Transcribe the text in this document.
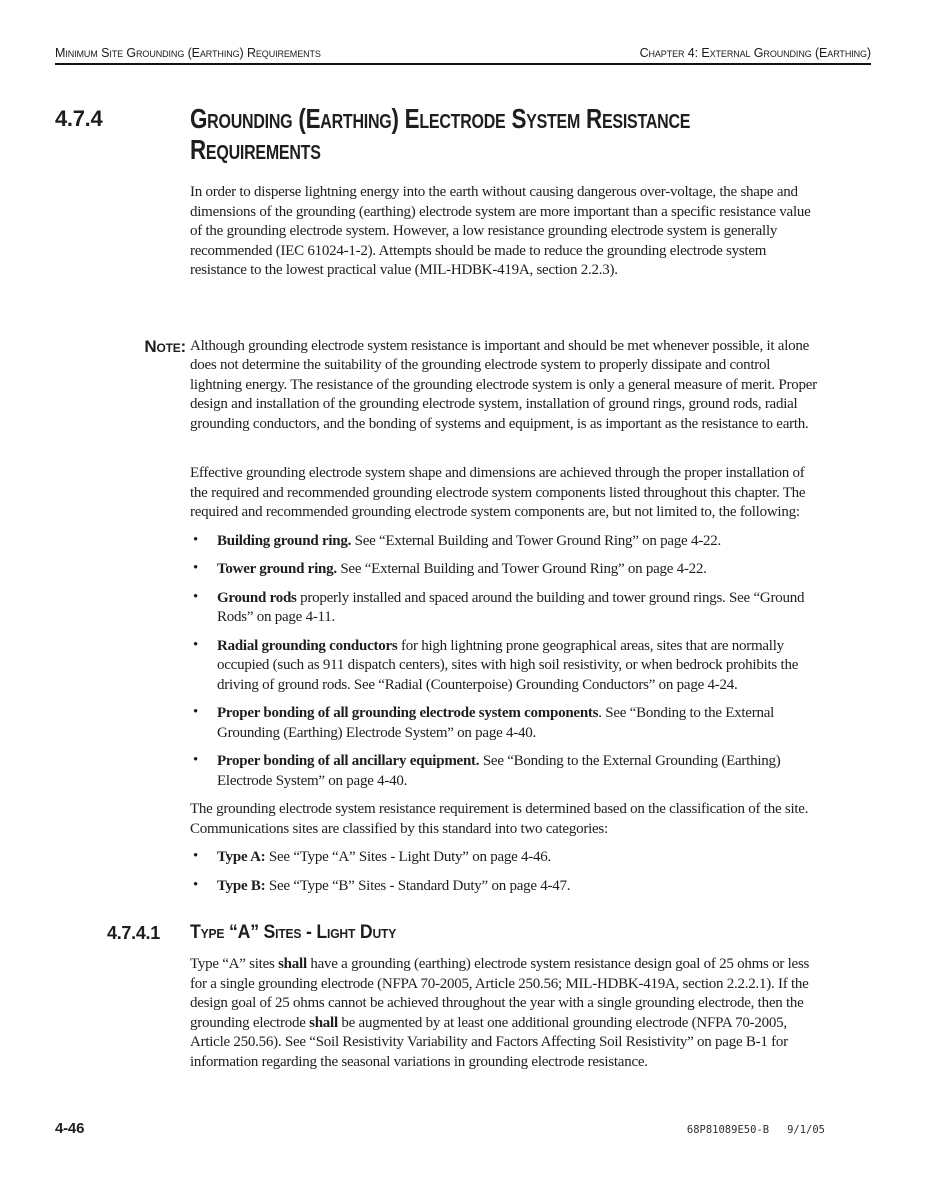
Minimum Site Grounding (Earthing) Requirements	Chapter 4: External Grounding (Earthing)
4.7.4	Grounding (Earthing) Electrode System Resistance Requirements

In order to disperse lightning energy into the earth without causing dangerous over-voltage, the shape and dimensions of the grounding (earthing) electrode system are more important than a specific resistance value of the grounding electrode system. However, a low resistance grounding electrode system is generally recommended (IEC 61024-1-2). Attempts should be made to reduce the grounding electrode system resistance to the lowest practical value (MIL-HDBK-419A, section 2.2.3).

Note: Although grounding electrode system resistance is important and should be met whenever possible, it alone does not determine the suitability of the grounding electrode system to properly dissipate and control lightning energy. The resistance of the grounding electrode system is only a general measure of merit. Proper design and installation of the grounding electrode system, installation of ground rings, ground rods, radial grounding conductors, and the bonding of systems and equipment, is as important as the resistance to earth.

Effective grounding electrode system shape and dimensions are achieved through the proper installation of the required and recommended grounding electrode system components listed throughout this chapter. The required and recommended grounding electrode system components are, but not limited to, the following:

• Building ground ring. See “External Building and Tower Ground Ring” on page 4-22.
• Tower ground ring. See “External Building and Tower Ground Ring” on page 4-22.
• Ground rods properly installed and spaced around the building and tower ground rings. See “Ground Rods” on page 4-11.
• Radial grounding conductors for high lightning prone geographical areas, sites that are normally occupied (such as 911 dispatch centers), sites with high soil resistivity, or when bedrock prohibits the driving of ground rods. See “Radial (Counterpoise) Grounding Conductors” on page 4-24.
• Proper bonding of all grounding electrode system components. See “Bonding to the External Grounding (Earthing) Electrode System” on page 4-40.
• Proper bonding of all ancillary equipment. See “Bonding to the External Grounding (Earthing) Electrode System” on page 4-40.

The grounding electrode system resistance requirement is determined based on the classification of the site. Communications sites are classified by this standard into two categories:

• Type A: See “Type “A” Sites - Light Duty” on page 4-46.
• Type B: See “Type “B” Sites - Standard Duty” on page 4-47.
4.7.4.1 Type “A” Sites - Light Duty

Type “A” sites shall have a grounding (earthing) electrode system resistance design goal of 25 ohms or less for a single grounding electrode (NFPA 70-2005, Article 250.56; MIL-HDBK-419A, section 2.2.2.1). If the design goal of 25 ohms cannot be achieved throughout the year with a single grounding electrode, then the grounding electrode shall be augmented by at least one additional grounding electrode (NFPA 70-2005, Article 250.56). See “Soil Resistivity Variability and Factors Affecting Soil Resistivity” on page B-1 for information regarding the seasonal variations in grounding electrode resistance.

4-46	68P81089E50-B 9/1/05
